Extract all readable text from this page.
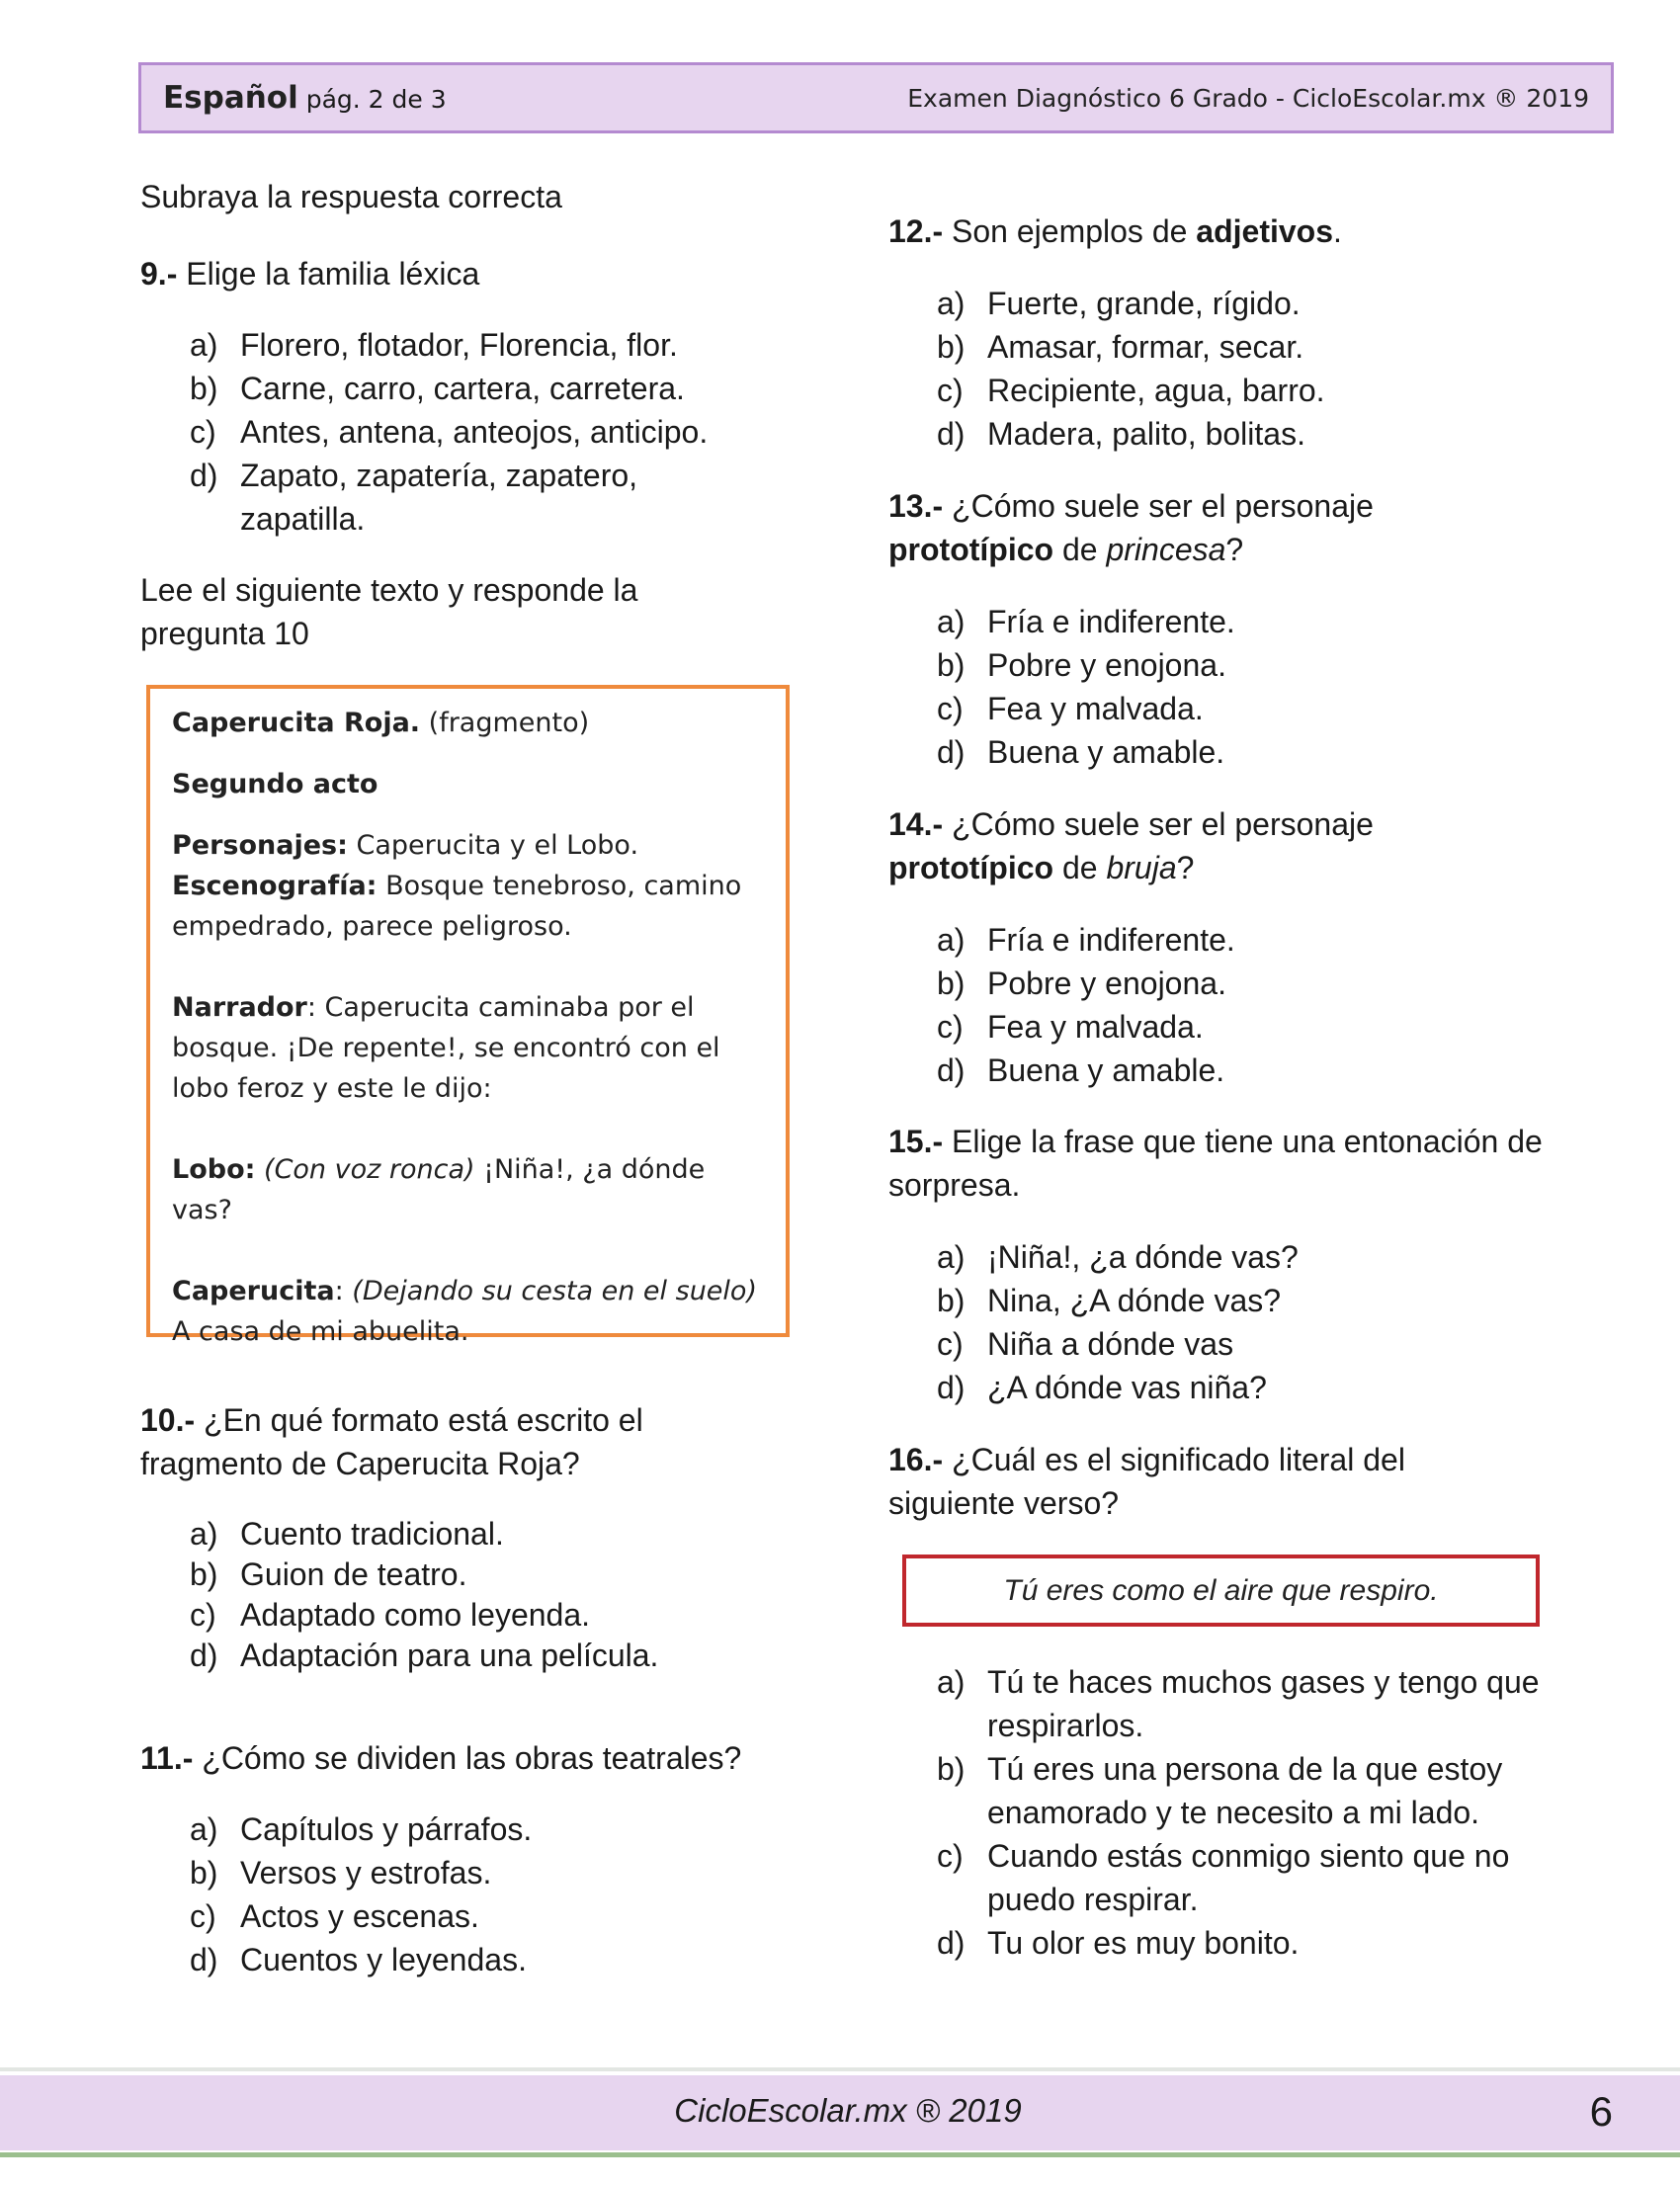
Español pág. 2 de 3	Examen Diagnóstico 6 Grado - CicloEscolar.mx ® 2019

Subraya la respuesta correcta

9.- Elige la familia léxica

a) Florero, flotador, Florencia, flor.
b) Carne, carro, cartera, carretera.
c) Antes, antena, anteojos, anticipo.
d) Zapato, zapatería, zapatero, zapatilla.

Lee el siguiente texto y responde la pregunta 10

Caperucita Roja. (fragmento)

Segundo acto

Personajes: Caperucita y el Lobo.

Escenografía: Bosque tenebroso, camino empedrado, parece peligroso.

Narrador: Caperucita caminaba por el bosque. ¡De repente!, se encontró con el lobo feroz y este le dijo:

Lobo: (Con voz ronca) ¡Niña!, ¿a dónde vas?

Caperucita: (Dejando su cesta en el suelo) A casa de mi abuelita.

10.- ¿En qué formato está escrito el fragmento de Caperucita Roja?

a) Cuento tradicional.
b) Guion de teatro.
c) Adaptado como leyenda.
d) Adaptación para una película.

11.- ¿Cómo se dividen las obras teatrales?

a) Capítulos y párrafos.
b) Versos y estrofas.
c) Actos y escenas.
d) Cuentos y leyendas.

12.- Son ejemplos de adjetivos.

a) Fuerte, grande, rígido.
b) Amasar, formar, secar.
c) Recipiente, agua, barro.
d) Madera, palito, bolitas.

13.- ¿Cómo suele ser el personaje prototípico de princesa?

a) Fría e indiferente.
b) Pobre y enojona.
c) Fea y malvada.
d) Buena y amable.

14.- ¿Cómo suele ser el personaje prototípico de bruja?

a) Fría e indiferente.
b) Pobre y enojona.
c) Fea y malvada.
d) Buena y amable.

15.- Elige la frase que tiene una entonación de sorpresa.

a) ¡Niña!, ¿a dónde vas?
b) Nina, ¿A dónde vas?
c) Niña a dónde vas
d) ¿A dónde vas niña?

16.- ¿Cuál es el significado literal del siguiente verso?

Tú eres como el aire que respiro.
a) Tú te haces muchos gases y tengo que respirarlos.
b) Tú eres una persona de la que estoy enamorado y te necesito a mi lado.
c) Cuando estás conmigo siento que no puedo respirar.
d) Tu olor es muy bonito.
CicloEscolar.mx ® 2019	6
